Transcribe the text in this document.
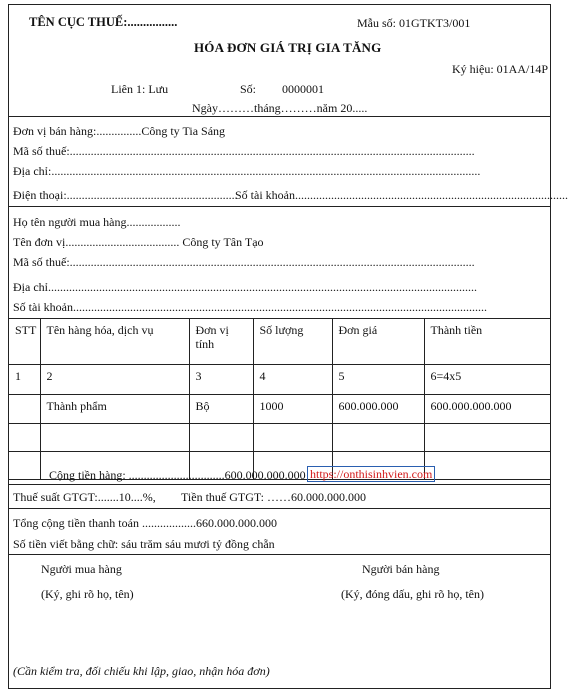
TÊN CỤC THUẾ:................	Mẫu số: 01GTKT3/001
HÓA ĐƠN GIÁ TRỊ GIA TĂNG
Ký hiệu: 01AA/14P
Liên 1: Lưu	Số: 0000001
Ngày………tháng………năm 20.....
Đơn vị bán hàng:...............Công ty Tia Sáng
Mã số thuế:.......................................................................................................................................
Địa chỉ:...............................................................................................................................................
Điện thoại:.........................................................
Số tài khoản...........................................................................................
Họ tên người mua hàng..................
Tên đơn vị...................................... Công ty Tân Tạo
Mã số thuế:.......................................................................................................................................
Địa chỉ...............................................................................................................................................
Số tài khoản..........................................................................................................................................
STT	Tên hàng hóa, dịch vụ	Đơn vị tính	Số lượng	Đơn giá	Thành tiền
1	2	3	4	5	6=4x5
	Thành phẩm	Bộ	1000	600.000.000	600.000.000.000

Cộng tiền hàng: ................................600.000.000.000 https://onthisinhvien.com
Thuế suất GTGT:.......10....%, Tiền thuế GTGT: ……60.000.000.000
Tổng cộng tiền thanh toán ..................660.000.000.000
Số tiền viết bằng chữ: sáu trăm sáu mươi tỷ đồng chẵn
Người mua hàng
(Ký, ghi rõ họ, tên)
Người bán hàng
(Ký, đóng dấu, ghi rõ họ, tên)
(Cần kiểm tra, đối chiếu khi lập, giao, nhận hóa đơn)
